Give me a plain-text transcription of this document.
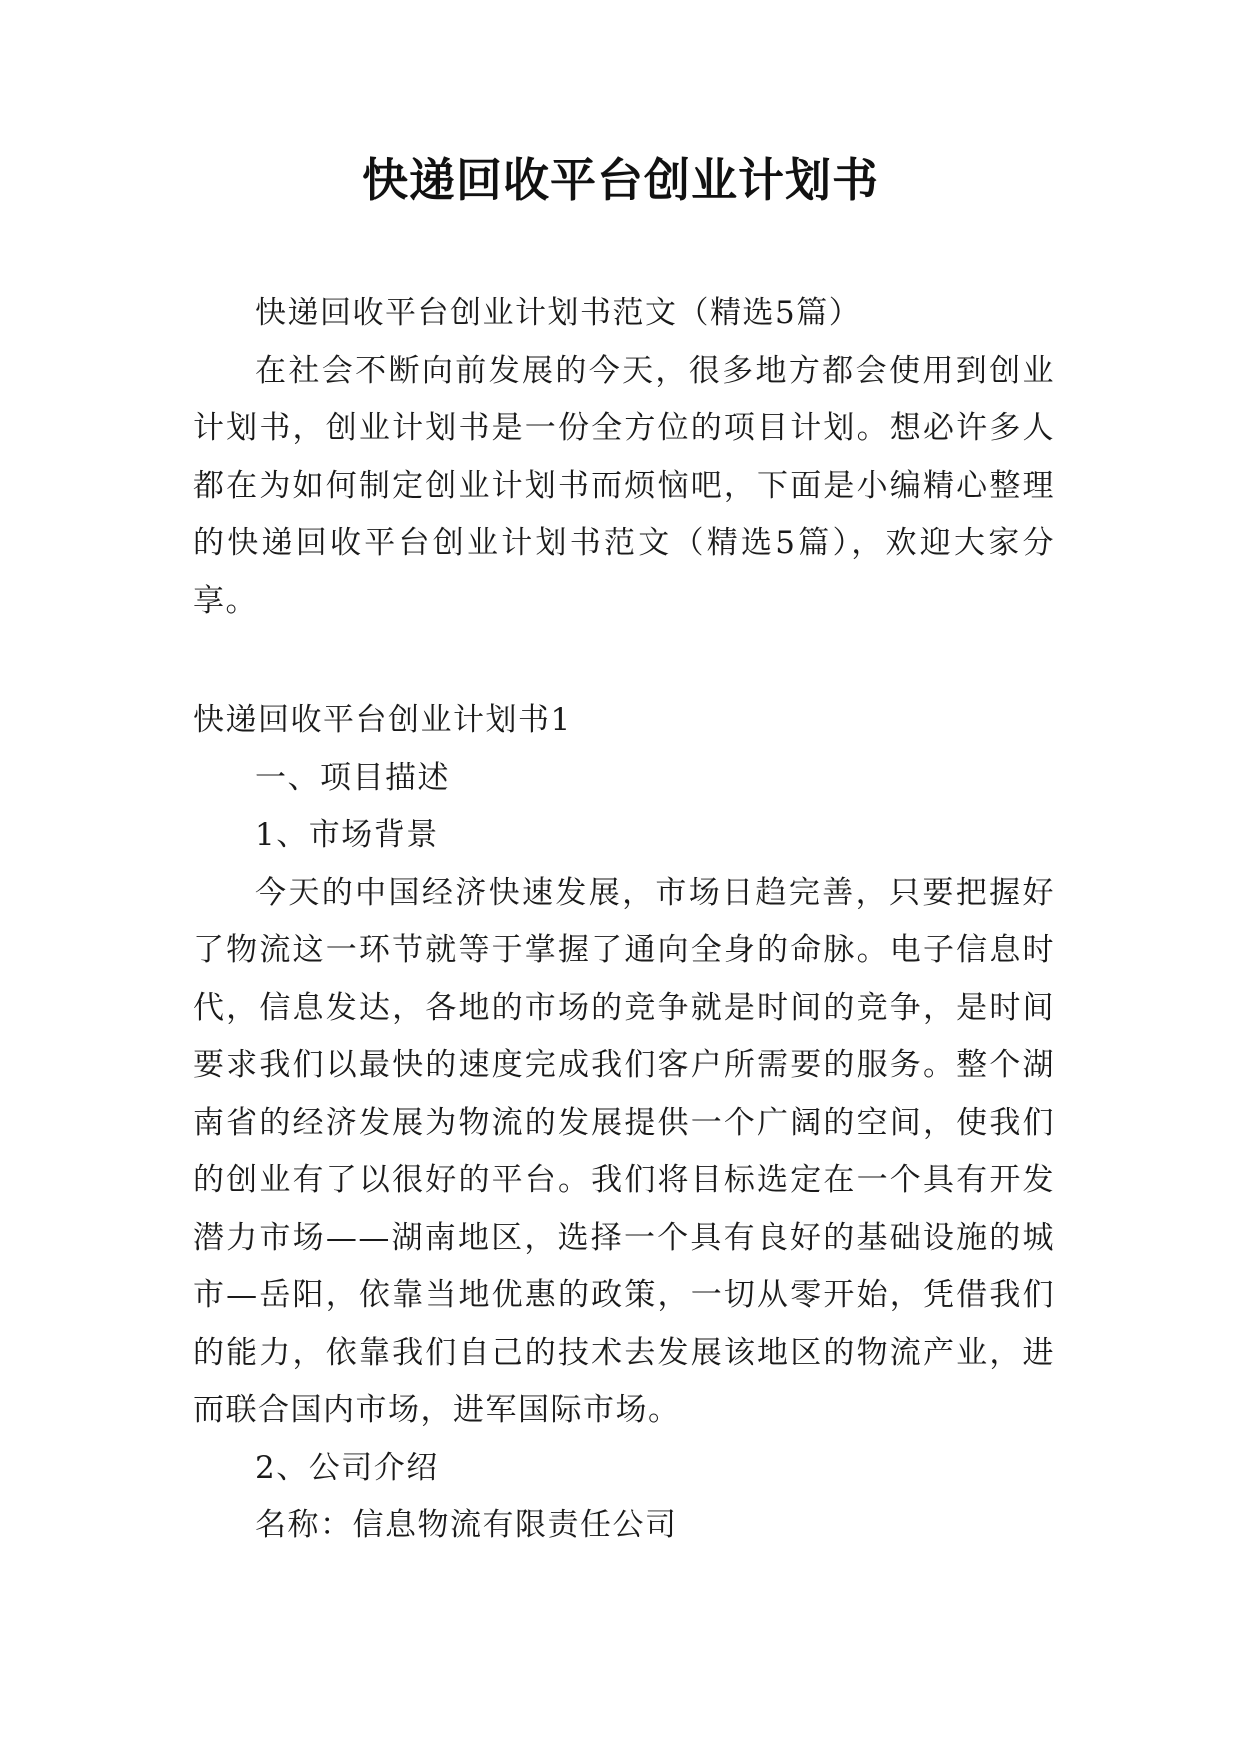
快递回收平台创业计划书

快递回收平台创业计划书范文（精选5篇）

在社会不断向前发展的今天，很多地方都会使用到创业计划书，创业计划书是一份全方位的项目计划。想必许多人都在为如何制定创业计划书而烦恼吧，下面是小编精心整理的快递回收平台创业计划书范文（精选5篇），欢迎大家分享。

快递回收平台创业计划书1

一、项目描述

1、市场背景

今天的中国经济快速发展，市场日趋完善，只要把握好了物流这一环节就等于掌握了通向全身的命脉。电子信息时代，信息发达，各地的市场的竞争就是时间的竞争，是时间要求我们以最快的速度完成我们客户所需要的服务。整个湖南省的经济发展为物流的发展提供一个广阔的空间，使我们的创业有了以很好的平台。我们将目标选定在一个具有开发潜力市场——湖南地区，选择一个具有良好的基础设施的城市—岳阳，依靠当地优惠的政策，一切从零开始，凭借我们的能力，依靠我们自己的技术去发展该地区的物流产业，进而联合国内市场，进军国际市场。

2、公司介绍

名称：信息物流有限责任公司
